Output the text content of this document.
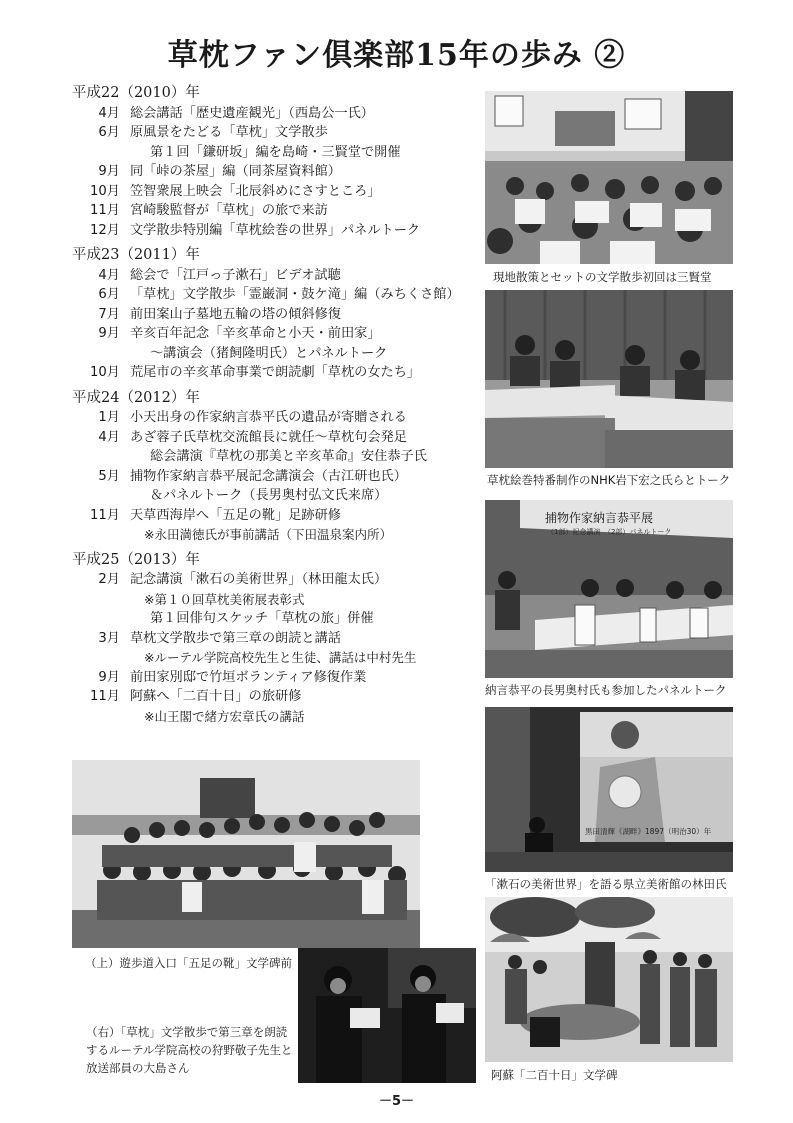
草枕ファン倶楽部15年の歩み ②
平成22（2010）年
4月 総会講話「歴史遺産観光」（西島公一氏）
6月 原風景をたどる「草枕」文学散歩
第１回「鎌研坂」編を島崎・三賢堂で開催
9月 同「峠の茶屋」編（同茶屋資料館）
10月 笠智衆展上映会「北辰斜めにさすところ」
11月 宮崎駿監督が「草枕」の旅で来訪
12月 文学散歩特別編「草枕絵巻の世界」パネルトーク
平成23（2011）年
4月 総会で「江戸っ子漱石」ビデオ試聴
6月 「草枕」文学散歩「霊巌洞・鼓ケ滝」編（みちくさ館）
7月 前田案山子墓地五輪の塔の傾斜修復
9月 辛亥百年記念「辛亥革命と小天・前田家」
～講演会（猪飼隆明氏）とパネルトーク
10月 荒尾市の辛亥革命事業で朗読劇「草枕の女たち」
平成24（2012）年
1月 小天出身の作家納言恭平氏の遺品が寄贈される
4月 あざ蓉子氏草枕交流館長に就任～草枕句会発足
総会講演『草枕の那美と辛亥革命』安住恭子氏
5月 捕物作家納言恭平展記念講演会（古江研也氏）
＆パネルトーク（長男奥村弘文氏来席）
11月 天草西海岸へ「五足の靴」足跡研修
※永田満徳氏が事前講話（下田温泉案内所）
平成25（2013）年
2月 記念講演「漱石の美術世界」（林田龍太氏）
※第１０回草枕美術展表彰式
第１回俳句スケッチ「草枕の旅」併催
3月 草枕文学散歩で第三章の朗読と講話
※ルーテル学院高校先生と生徒、講話は中村先生
9月 前田家別邸で竹垣ボランティア修復作業
11月 阿蘇へ「二百十日」の旅研修
※山王閣で緒方宏章氏の講話
現地散策とセットの文学散歩初回は三賢堂
草枕絵巻特番制作のNHK岩下宏之氏らとトーク
捕物作家納言恭平展
（1部）記念講演　（2部）パネルトーク
納言恭平の長男奥村氏も参加したパネルトーク
黒田清輝《湖畔》1897（明治30）年
「漱石の美術世界」を語る県立美術館の林田氏
（上）遊歩道入口「五足の靴」文学碑前
（右）「草枕」文学散歩で第三章を朗読するルーテル学院高校の狩野敬子先生と放送部員の大島さん	阿蘇「二百十日」文学碑
－5－
